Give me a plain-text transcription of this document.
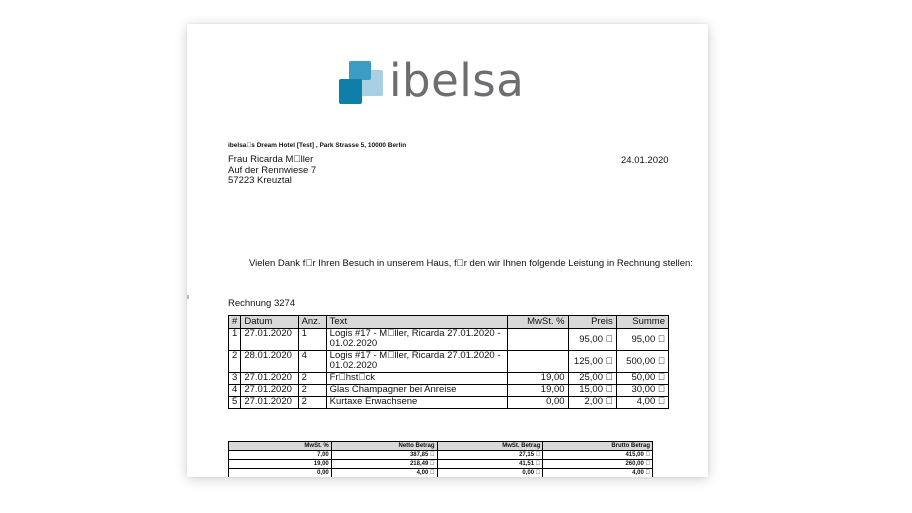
ibelsa
ibelsa s Dream Hotel [Test] , Park Strasse 5, 10000 Berlin
Frau Ricarda M ller
Auf der Rennwiese 7
57223 Kreuztal
24.01.2020
Vielen Dank f r Ihren Besuch in unserem Haus, f r den wir Ihnen folgende Leistung in Rechnung stellen:
Rechnung 3274
#	Datum	Anz.	Text	MwSt. %	Preis	Summe
1	27.01.2020	1	Logis #17 - M ller, Ricarda 27.01.2020 - 01.02.2020		95,00  	95,00  
2	28.01.2020	4	Logis #17 - M ller, Ricarda 27.01.2020 - 01.02.2020		125,00  	500,00  
3	27.01.2020	2	Fr hst ck	19,00	25,00  	50,00  
4	27.01.2020	2	Glas Champagner bei Anreise	19,00	15,00  	30,00  
5	27.01.2020	2	Kurtaxe Erwachsene	0,00	2,00  	4,00  
MwSt. %	Netto Betrag	MwSt. Betrag	Brutto Betrag
7,00	387,85  	27,15  	415,00  
19,00	218,49  	41,51  	260,00  
0,00	4,00  	0,00  	4,00  
